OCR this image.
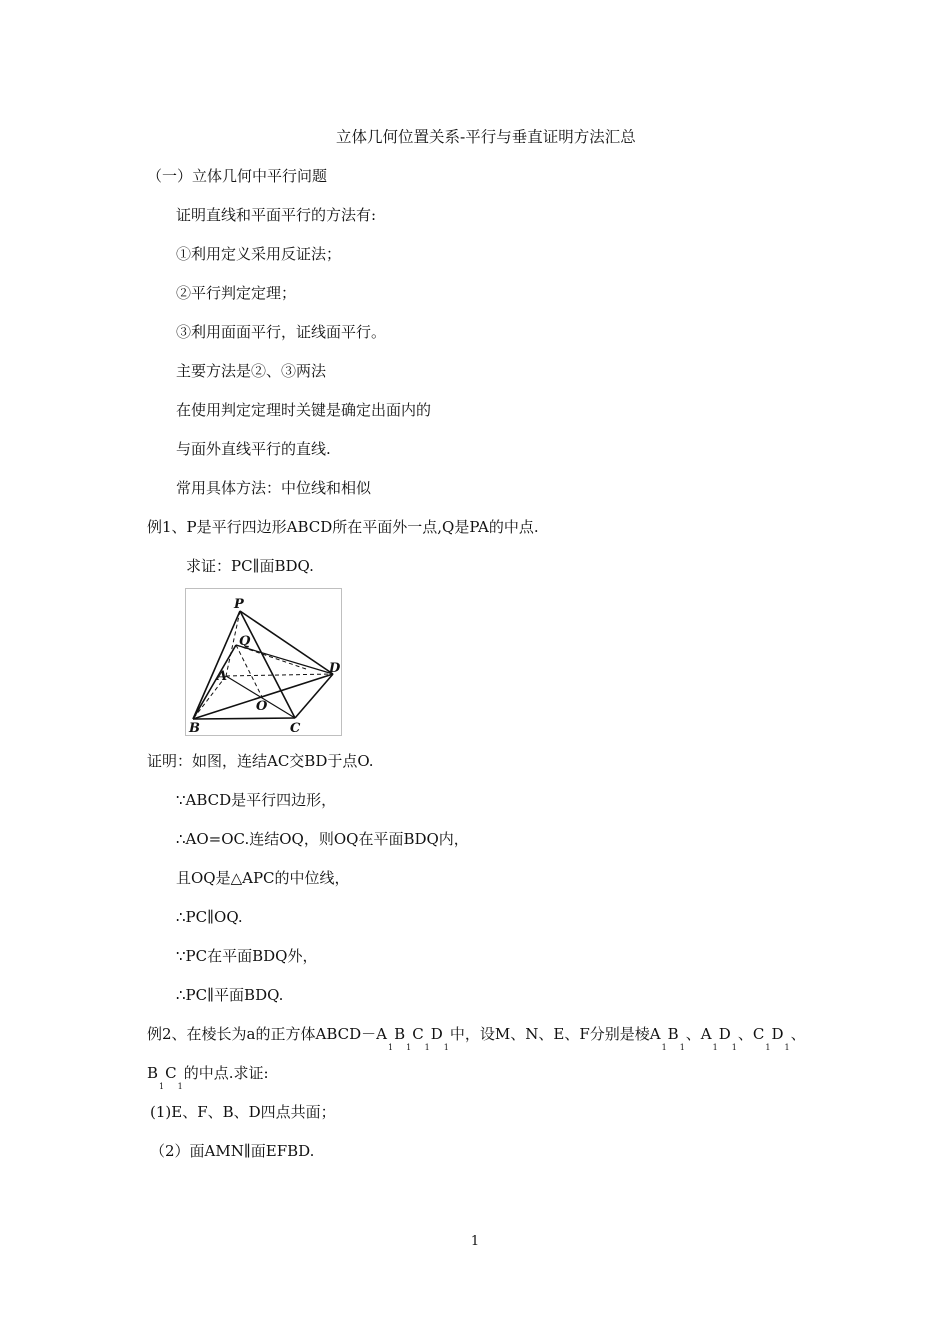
立体几何位置关系-平行与垂直证明方法汇总
（一）立体几何中平行问题
证明直线和平面平行的方法有:
①利用定义采用反证法；
②平行判定定理；
③利用面面平行，证线面平行。
主要方法是②、③两法
在使用判定定理时关键是确定出面内的
与面外直线平行的直线.
常用具体方法：中位线和相似
例1、P是平行四边形ABCD所在平面外一点,Q是PA的中点.
求证：PC∥面BDQ.
P
Q
A
D
O
B	C
证明：如图，连结AC交BD于点O.
∵ABCD是平行四边形，
∴AO=OC.连结OQ，则OQ在平面BDQ内，
且OQ是△APC的中位线，
∴PC∥OQ.
∵PC在平面BDQ外，
∴PC∥平面BDQ.
例2、在棱长为a的正方体$ABCD-A_1B_1C_1D_1$中，设M、N、E、F分别是棱$A_1B_1$、$A_1D_1$、$C_1D_1$、
$B_1C_1$的中点.求证:
(1)E、F、B、D四点共面；
（2）面AMN∥面EFBD.
1
